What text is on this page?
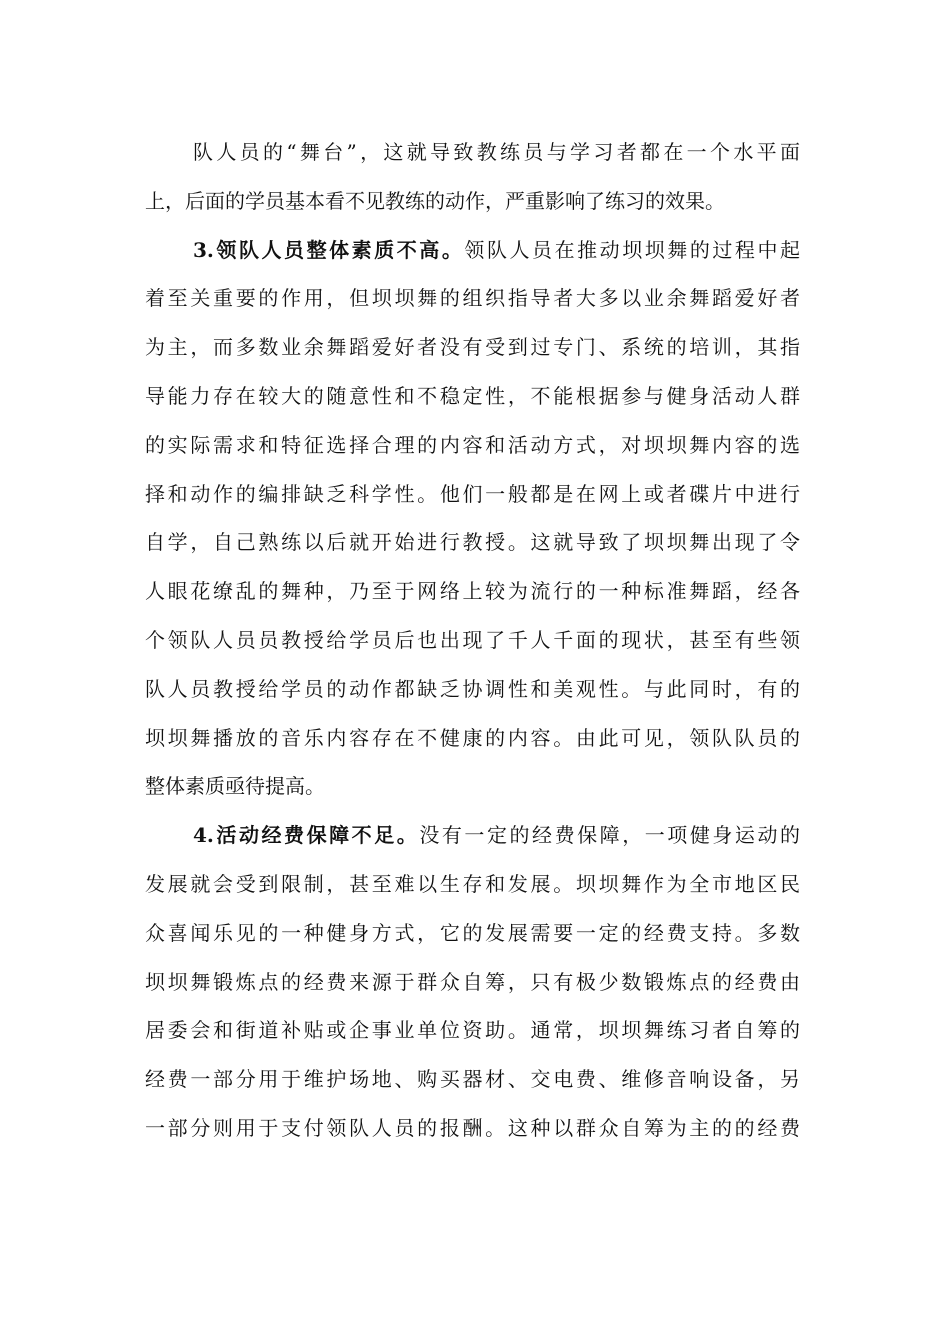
队人员的“舞台”，这就导致教练员与学习者都在一个水平面
上，后面的学员基本看不见教练的动作，严重影响了练习的效果。
3.领队人员整体素质不高。领队人员在推动坝坝舞的过程中起
着至关重要的作用，但坝坝舞的组织指导者大多以业余舞蹈爱好者
为主，而多数业余舞蹈爱好者没有受到过专门、系统的培训，其指
导能力存在较大的随意性和不稳定性，不能根据参与健身活动人群
的实际需求和特征选择合理的内容和活动方式，对坝坝舞内容的选
择和动作的编排缺乏科学性。他们一般都是在网上或者碟片中进行
自学，自己熟练以后就开始进行教授。这就导致了坝坝舞出现了令
人眼花缭乱的舞种，乃至于网络上较为流行的一种标准舞蹈，经各
个领队人员员教授给学员后也出现了千人千面的现状，甚至有些领
队人员教授给学员的动作都缺乏协调性和美观性。与此同时，有的
坝坝舞播放的音乐内容存在不健康的内容。由此可见，领队队员的
整体素质亟待提高。
4.活动经费保障不足。没有一定的经费保障，一项健身运动的
发展就会受到限制，甚至难以生存和发展。坝坝舞作为全市地区民
众喜闻乐见的一种健身方式，它的发展需要一定的经费支持。多数
坝坝舞锻炼点的经费来源于群众自筹，只有极少数锻炼点的经费由
居委会和街道补贴或企事业单位资助。通常，坝坝舞练习者自筹的
经费一部分用于维护场地、购买器材、交电费、维修音响设备，另
一部分则用于支付领队人员的报酬。这种以群众自筹为主的的经费
